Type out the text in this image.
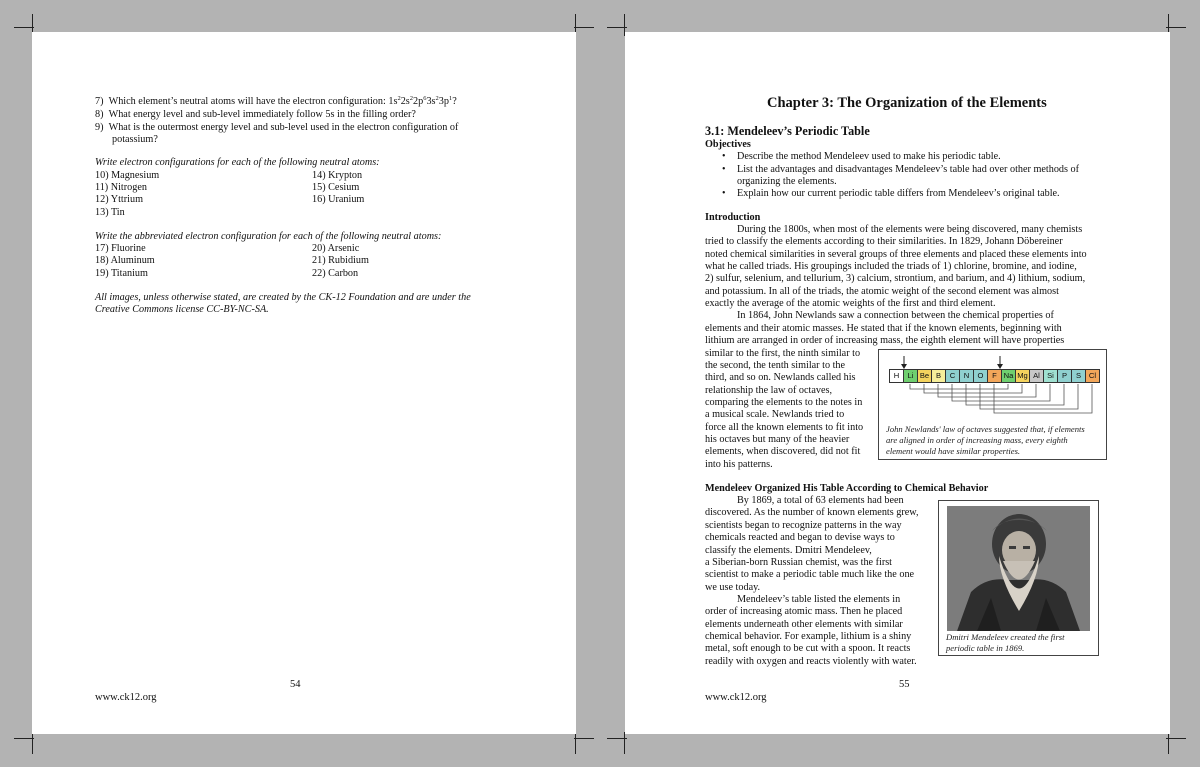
7) Which element’s neutral atoms will have the electron configuration: $1s^22s^22p^63s^23p^1$?
8) What energy level and sub-level immediately follow 5s in the filling order?
9) What is the outermost energy level and sub-level used in the electron configuration of
potassium?
Write electron configurations for each of the following neutral atoms:
10) Magnesium
11) Nitrogen
12) Yttrium
13) Tin
14) Krypton
15) Cesium
16) Uranium
Write the abbreviated electron configuration for each of the following neutral atoms:
17) Fluorine
18) Aluminum
19) Titanium
20) Arsenic
21) Rubidium
22) Carbon
All images, unless otherwise stated, are created by the CK-12 Foundation and are under the
Creative Commons license CC-BY-NC-SA.
54
www.ck12.org
Chapter 3: The Organization of the Elements
3.1: Mendeleev’s Periodic Table
Objectives
• Describe the method Mendeleev used to make his periodic table.
• List the advantages and disadvantages Mendeleev’s table had over other methods of
organizing the elements.
• Explain how our current periodic table differs from Mendeleev’s original table.
Introduction
During the 1800s, when most of the elements were being discovered, many chemists
tried to classify the elements according to their similarities. In 1829, Johann Döbereiner
noted chemical similarities in several groups of three elements and placed these elements into
what he called triads. His groupings included the triads of 1) chlorine, bromine, and iodine,
2) sulfur, selenium, and tellurium, 3) calcium, strontium, and barium, and 4) lithium, sodium,
and potassium. In all of the triads, the atomic weight of the second element was almost
exactly the average of the atomic weights of the first and third element.
In 1864, John Newlands saw a connection between the chemical properties of
elements and their atomic masses. He stated that if the known elements, beginning with
lithium are arranged in order of increasing mass, the eighth element will have properties
similar to the first, the ninth similar to
the second, the tenth similar to the
third, and so on. Newlands called his
relationship the law of octaves,
comparing the elements to the notes in
a musical scale. Newlands tried to
force all the known elements to fit into
his octaves but many of the heavier
elements, when discovered, did not fit
into his patterns.
H	Li Be B	C	N	O	F Na Mg Al Si	P	S	Cl
John Newlands' law of octaves suggested that, if elements
are aligned in order of increasing mass, every eighth
element would have similar properties.
Mendeleev Organized His Table According to Chemical Behavior
By 1869, a total of 63 elements had been
discovered. As the number of known elements grew,
scientists began to recognize patterns in the way
chemicals reacted and began to devise ways to
classify the elements. Dmitri Mendeleev,
a Siberian-born Russian chemist, was the first
scientist to make a periodic table much like the one
we use today.
Mendeleev’s table listed the elements in
order of increasing atomic mass. Then he placed
elements underneath other elements with similar
chemical behavior. For example, lithium is a shiny
metal, soft enough to be cut with a spoon. It reacts
readily with oxygen and reacts violently with water.
Dmitri Mendeleev created the first
periodic table in 1869.
55
www.ck12.org
